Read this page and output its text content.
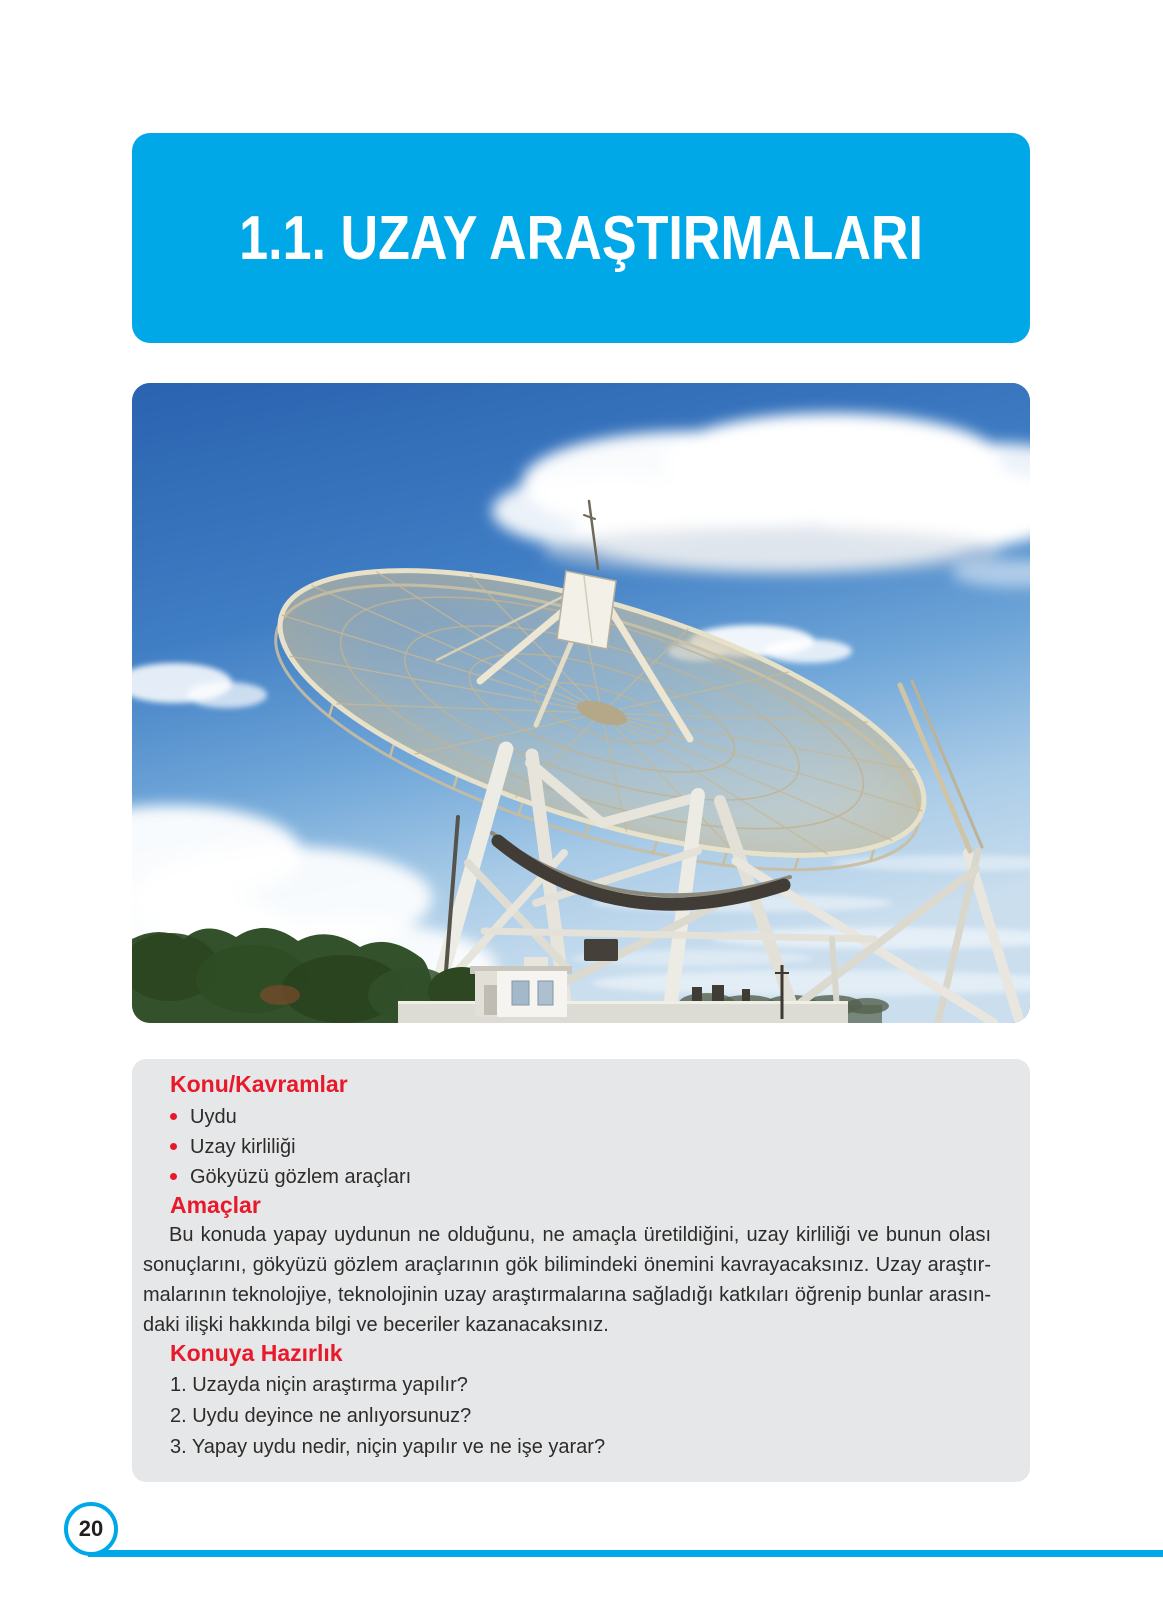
1.1. UZAY ARAŞTIRMALARI
Konu/Kavramlar
Uydu
Uzay kirliliği
Gökyüzü gözlem araçları
Amaçlar
Bu konuda yapay uydunun ne olduğunu, ne amaçla üretildiğini, uzay kirliliği ve bunun olası
sonuçlarını, gökyüzü gözlem araçlarının gök bilimindeki önemini kavrayacaksınız. Uzay araştır-
malarının teknolojiye, teknolojinin uzay araştırmalarına sağladığı katkıları öğrenip bunlar arasın-
daki ilişki hakkında bilgi ve beceriler kazanacaksınız.
Konuya Hazırlık
1. Uzayda niçin araştırma yapılır?
2. Uydu deyince ne anlıyorsunuz?
3. Yapay uydu nedir, niçin yapılır ve ne işe yarar?
20
